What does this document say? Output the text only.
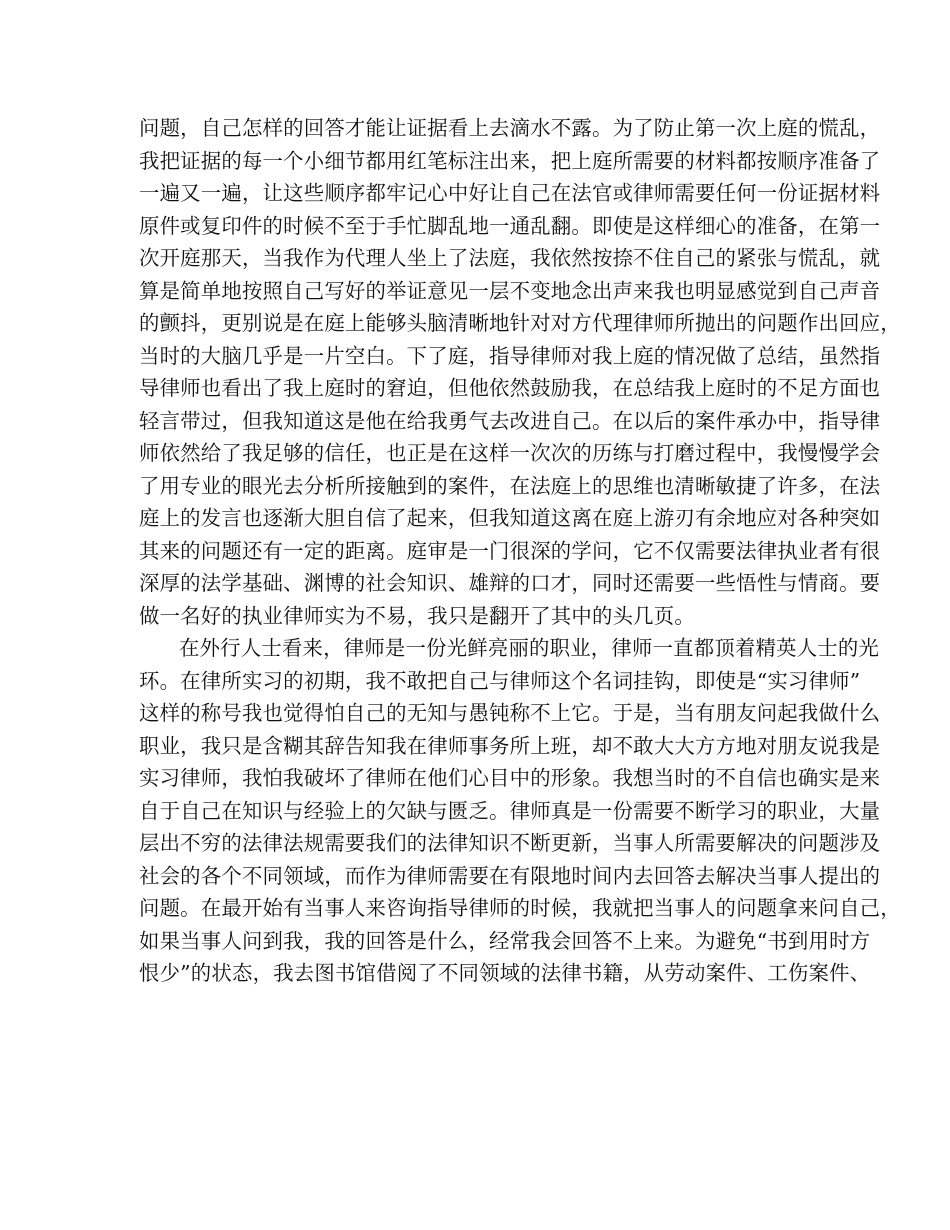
问题，自己怎样的回答才能让证据看上去滴水不露。为了防止第一次上庭的慌乱，
我把证据的每一个小细节都用红笔标注出来，把上庭所需要的材料都按顺序准备了
一遍又一遍，让这些顺序都牢记心中好让自己在法官或律师需要任何一份证据材料
原件或复印件的时候不至于手忙脚乱地一通乱翻。即使是这样细心的准备，在第一
次开庭那天，当我作为代理人坐上了法庭，我依然按捺不住自己的紧张与慌乱，就
算是简单地按照自己写好的举证意见一层不变地念出声来我也明显感觉到自己声音
的颤抖，更别说是在庭上能够头脑清晰地针对对方代理律师所抛出的问题作出回应，
当时的大脑几乎是一片空白。下了庭，指导律师对我上庭的情况做了总结，虽然指
导律师也看出了我上庭时的窘迫，但他依然鼓励我，在总结我上庭时的不足方面也
轻言带过，但我知道这是他在给我勇气去改进自己。在以后的案件承办中，指导律
师依然给了我足够的信任，也正是在这样一次次的历练与打磨过程中，我慢慢学会
了用专业的眼光去分析所接触到的案件，在法庭上的思维也清晰敏捷了许多，在法
庭上的发言也逐渐大胆自信了起来，但我知道这离在庭上游刃有余地应对各种突如
其来的问题还有一定的距离。庭审是一门很深的学问，它不仅需要法律执业者有很
深厚的法学基础、渊博的社会知识、雄辩的口才，同时还需要一些悟性与情商。要
做一名好的执业律师实为不易，我只是翻开了其中的头几页。
在外行人士看来，律师是一份光鲜亮丽的职业，律师一直都顶着精英人士的光
环。在律所实习的初期，我不敢把自己与律师这个名词挂钩，即使是“实习律师”
这样的称号我也觉得怕自己的无知与愚钝称不上它。于是，当有朋友问起我做什么
职业，我只是含糊其辞告知我在律师事务所上班，却不敢大大方方地对朋友说我是
实习律师，我怕我破坏了律师在他们心目中的形象。我想当时的不自信也确实是来
自于自己在知识与经验上的欠缺与匮乏。律师真是一份需要不断学习的职业，大量
层出不穷的法律法规需要我们的法律知识不断更新，当事人所需要解决的问题涉及
社会的各个不同领域，而作为律师需要在有限地时间内去回答去解决当事人提出的
问题。在最开始有当事人来咨询指导律师的时候，我就把当事人的问题拿来问自己，
如果当事人问到我，我的回答是什么，经常我会回答不上来。为避免“书到用时方
恨少”的状态，我去图书馆借阅了不同领域的法律书籍，从劳动案件、工伤案件、
